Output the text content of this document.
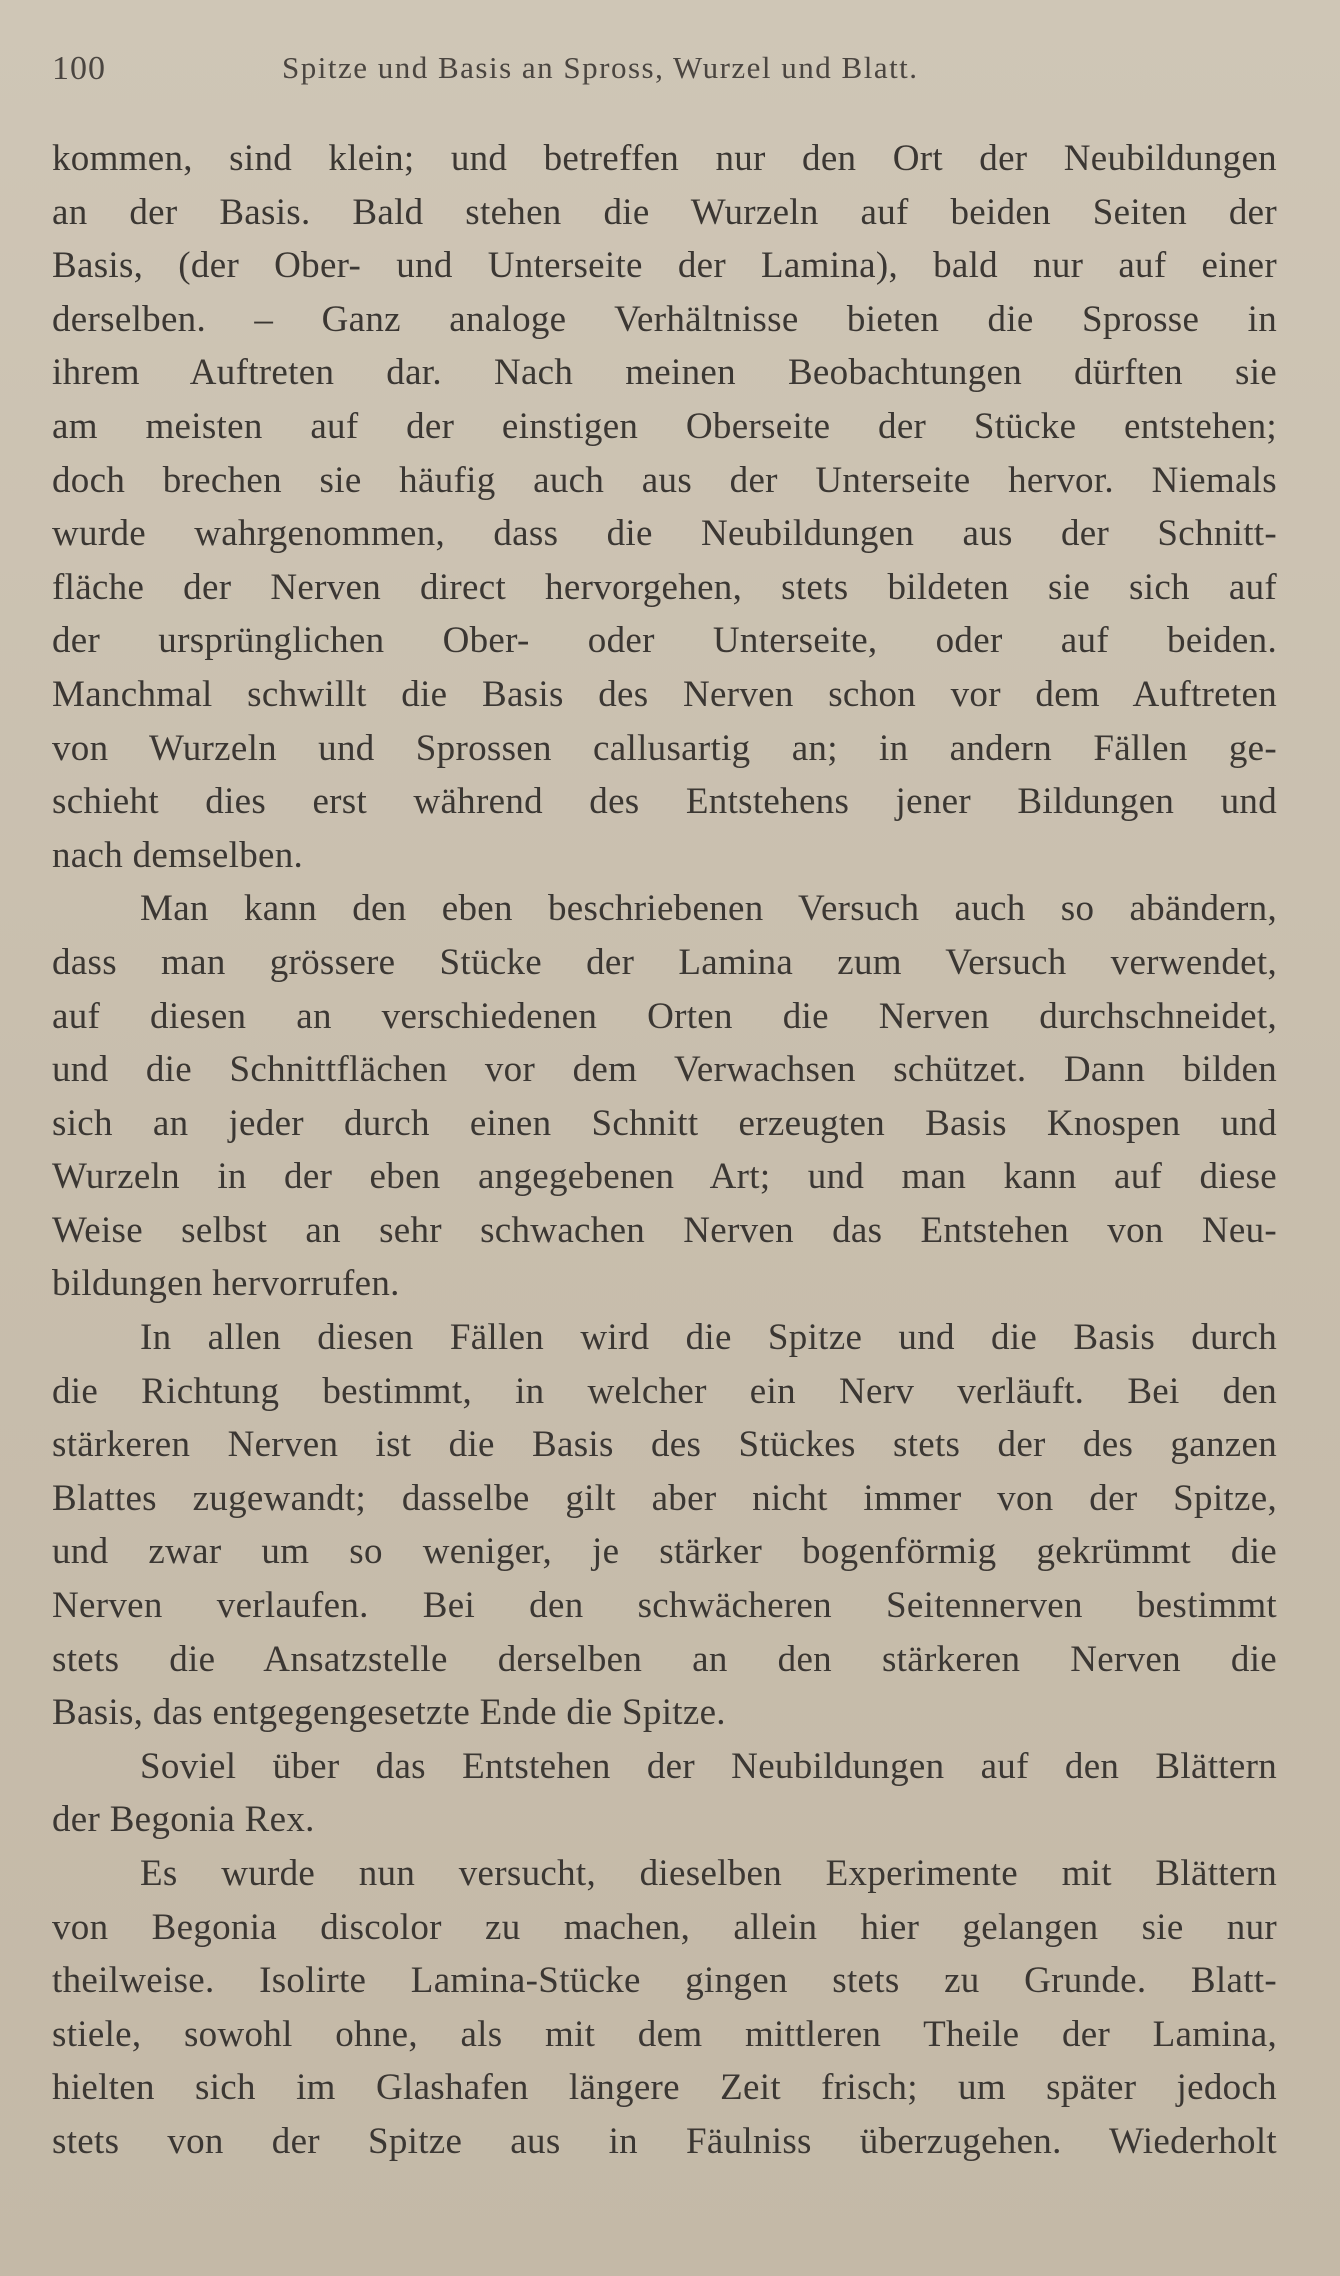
100	Spitze und Basis an Spross, Wurzel und Blatt.
kommen, sind klein; und betreffen nur den Ort der Neubildungen
an der Basis. Bald stehen die Wurzeln auf beiden Seiten der
Basis, (der Ober- und Unterseite der Lamina), bald nur auf einer
derselben. – Ganz analoge Verhältnisse bieten die Sprosse in
ihrem Auftreten dar. Nach meinen Beobachtungen dürften sie
am meisten auf der einstigen Oberseite der Stücke entstehen;
doch brechen sie häufig auch aus der Unterseite hervor. Niemals
wurde wahrgenommen, dass die Neubildungen aus der Schnitt-
fläche der Nerven direct hervorgehen, stets bildeten sie sich auf
der ursprünglichen Ober- oder Unterseite, oder auf beiden.
Manchmal schwillt die Basis des Nerven schon vor dem Auftreten
von Wurzeln und Sprossen callusartig an; in andern Fällen ge-
schieht dies erst während des Entstehens jener Bildungen und
nach demselben.
Man kann den eben beschriebenen Versuch auch so abändern,
dass man grössere Stücke der Lamina zum Versuch verwendet,
auf diesen an verschiedenen Orten die Nerven durchschneidet,
und die Schnittflächen vor dem Verwachsen schützet. Dann bilden
sich an jeder durch einen Schnitt erzeugten Basis Knospen und
Wurzeln in der eben angegebenen Art; und man kann auf diese
Weise selbst an sehr schwachen Nerven das Entstehen von Neu-
bildungen hervorrufen.
In allen diesen Fällen wird die Spitze und die Basis durch
die Richtung bestimmt, in welcher ein Nerv verläuft. Bei den
stärkeren Nerven ist die Basis des Stückes stets der des ganzen
Blattes zugewandt; dasselbe gilt aber nicht immer von der Spitze,
und zwar um so weniger, je stärker bogenförmig gekrümmt die
Nerven verlaufen. Bei den schwächeren Seitennerven bestimmt
stets die Ansatzstelle derselben an den stärkeren Nerven die
Basis, das entgegengesetzte Ende die Spitze.
Soviel über das Entstehen der Neubildungen auf den Blättern
der Begonia Rex.
Es wurde nun versucht, dieselben Experimente mit Blättern
von Begonia discolor zu machen, allein hier gelangen sie nur
theilweise. Isolirte Lamina-Stücke gingen stets zu Grunde. Blatt-
stiele, sowohl ohne, als mit dem mittleren Theile der Lamina,
hielten sich im Glashafen längere Zeit frisch; um später jedoch
stets von der Spitze aus in Fäulniss überzugehen. Wiederholt
